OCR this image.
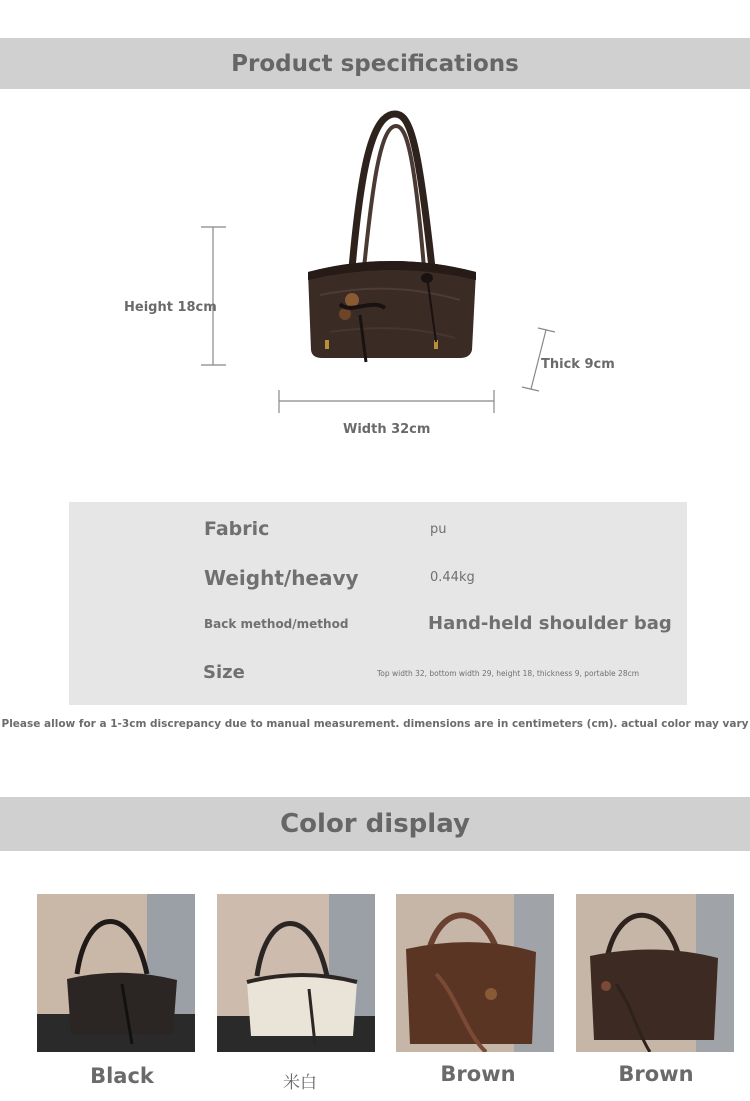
Product specifications
Height 18cm
Width 32cm
Thick 9cm
Fabric	pu
Weight/heavy	0.44kg
Back method/method	Hand-held shoulder bag
Size	Top width 32, bottom width 29, height 18, thickness 9, portable 28cm
Please allow for a 1-3cm discrepancy due to manual measurement. dimensions are in centimeters (cm). actual color may vary
Color display
Black	米白	Brown	Brown
